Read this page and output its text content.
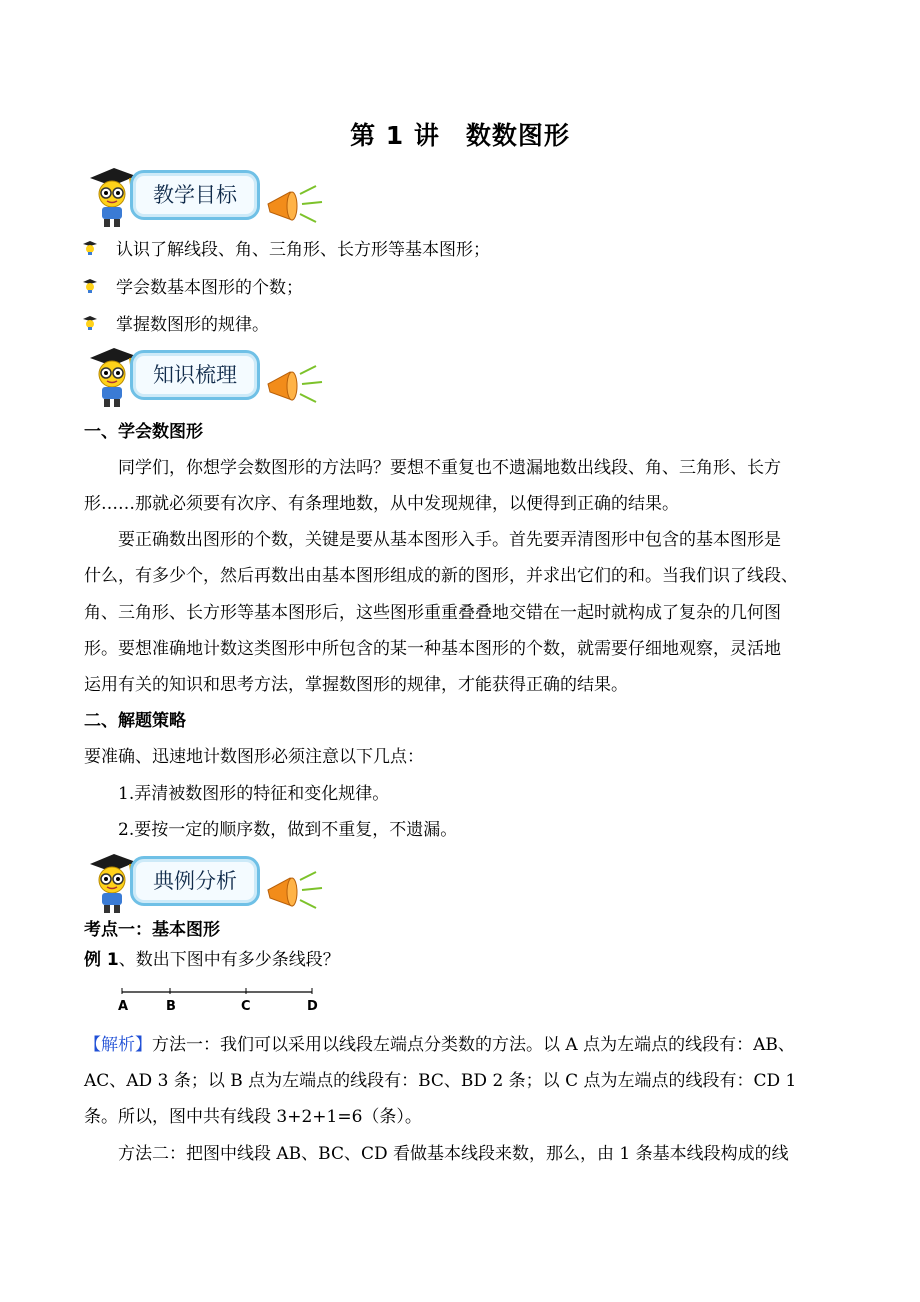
第 1 讲　数数图形
教学目标
认识了解线段、角、三角形、长方形等基本图形；
学会数基本图形的个数；
掌握数图形的规律。
知识梳理
一、学会数图形
同学们，你想学会数图形的方法吗？要想不重复也不遗漏地数出线段、角、三角形、长方
形……那就必须要有次序、有条理地数，从中发现规律，以便得到正确的结果。
要正确数出图形的个数，关键是要从基本图形入手。首先要弄清图形中包含的基本图形是
什么，有多少个，然后再数出由基本图形组成的新的图形，并求出它们的和。当我们识了线段、
角、三角形、长方形等基本图形后，这些图形重重叠叠地交错在一起时就构成了复杂的几何图
形。要想准确地计数这类图形中所包含的某一种基本图形的个数，就需要仔细地观察，灵活地
运用有关的知识和思考方法，掌握数图形的规律，才能获得正确的结果。
二、解题策略
要准确、迅速地计数图形必须注意以下几点：
1.弄清被数图形的特征和变化规律。
2.要按一定的顺序数，做到不重复，不遗漏。
典例分析
考点一：基本图形
例 1、数出下图中有多少条线段？
A	B	C	D
【解析】方法一：我们可以采用以线段左端点分类数的方法。以 A 点为左端点的线段有：AB、
AC、AD 3 条；以 B 点为左端点的线段有：BC、BD 2 条；以 C 点为左端点的线段有：CD 1
条。所以，图中共有线段 3+2+1=6（条）。
方法二：把图中线段 AB、BC、CD 看做基本线段来数，那么，由 1 条基本线段构成的线
